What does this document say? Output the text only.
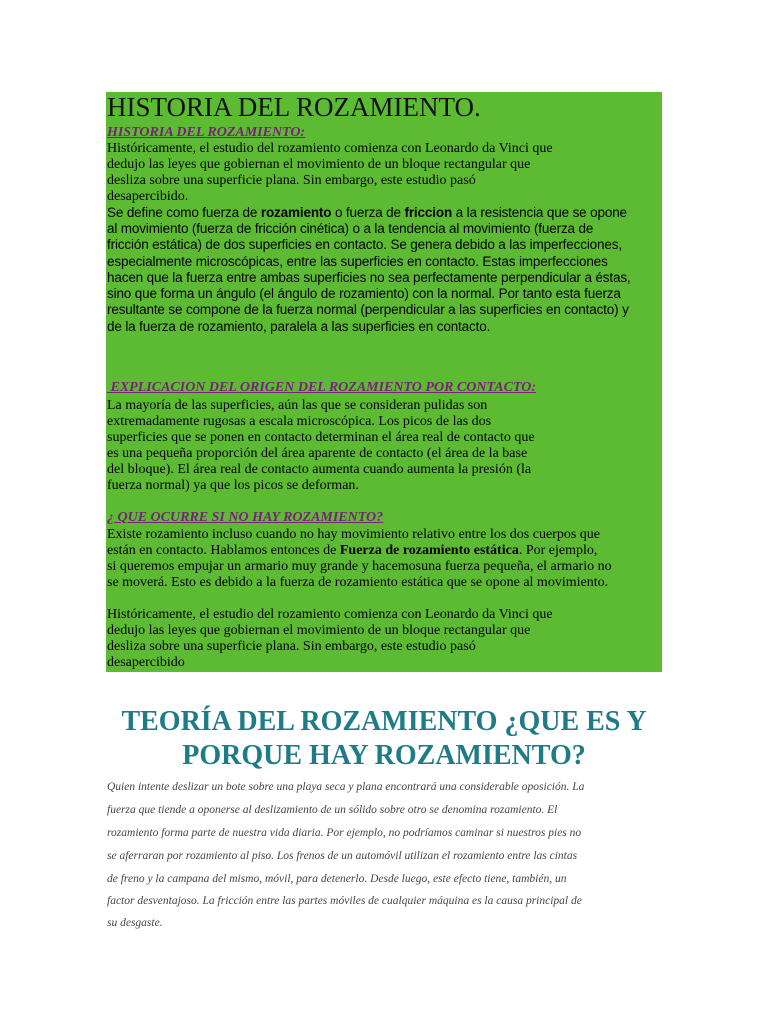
HISTORIA DEL ROZAMIENTO.
HISTORIA DEL ROZAMIENTO:
Históricamente, el estudio del rozamiento comienza con Leonardo da Vinci que
dedujo las leyes que gobiernan el movimiento de un bloque rectangular que
desliza sobre una superficie plana. Sin embargo, este estudio pasó
desapercibido.
Se define como fuerza de rozamiento o fuerza de friccion a la resistencia que se opone
al movimiento (fuerza de fricción cinética) o a la tendencia al movimiento (fuerza de
fricción estática) de dos superficies en contacto. Se genera debido a las imperfecciones,
especialmente microscópicas, entre las superficies en contacto. Estas imperfecciones
hacen que la fuerza entre ambas superficies no sea perfectamente perpendicular a éstas,
sino que forma un ángulo (el ángulo de rozamiento) con la normal. Por tanto esta fuerza
resultante se compone de la fuerza normal (perpendicular a las superficies en contacto) y
de la fuerza de rozamiento, paralela a las superficies en contacto.
EXPLICACION DEL ORIGEN DEL ROZAMIENTO POR CONTACTO:
La mayoría de las superficies, aún las que se consideran pulidas son
extremadamente rugosas a escala microscópica. Los picos de las dos
superficies que se ponen en contacto determinan el área real de contacto que
es una pequeña proporción del área aparente de contacto (el área de la base
del bloque). El área real de contacto aumenta cuando aumenta la presión (la
fuerza normal) ya que los picos se deforman.
¿ QUE OCURRE SI NO HAY ROZAMIENTO?
Existe rozamiento incluso cuando no hay movimiento relativo entre los dos cuerpos que
están en contacto. Hablamos entonces de Fuerza de rozamiento estática. Por ejemplo,
si queremos empujar un armario muy grande y hacemosuna fuerza pequeña, el armario no
se moverá. Esto es debido a la fuerza de rozamiento estática que se opone al movimiento.
Históricamente, el estudio del rozamiento comienza con Leonardo da Vinci que
dedujo las leyes que gobiernan el movimiento de un bloque rectangular que
desliza sobre una superficie plana. Sin embargo, este estudio pasó
desapercibido
TEORÍA DEL ROZAMIENTO ¿QUE ES Y
PORQUE HAY ROZAMIENTO?
Quien intente deslizar un bote sobre una playa seca y plana encontrará una considerable oposición. La
fuerza que tiende a oponerse al deslizamiento de un sólido sobre otro se denomina rozamiento. El
rozamiento forma parte de nuestra vida diaria. Por ejemplo, no podríamos caminar si nuestros pies no
se aferraran por rozamiento al piso. Los frenos de un automóvil utilizan el rozamiento entre las cintas
de freno y la campana del mismo, móvil, para detenerlo. Desde luego, este efecto tiene, también, un
factor desventajoso. La fricción entre las partes móviles de cualquier máquina es la causa principal de
su desgaste.
